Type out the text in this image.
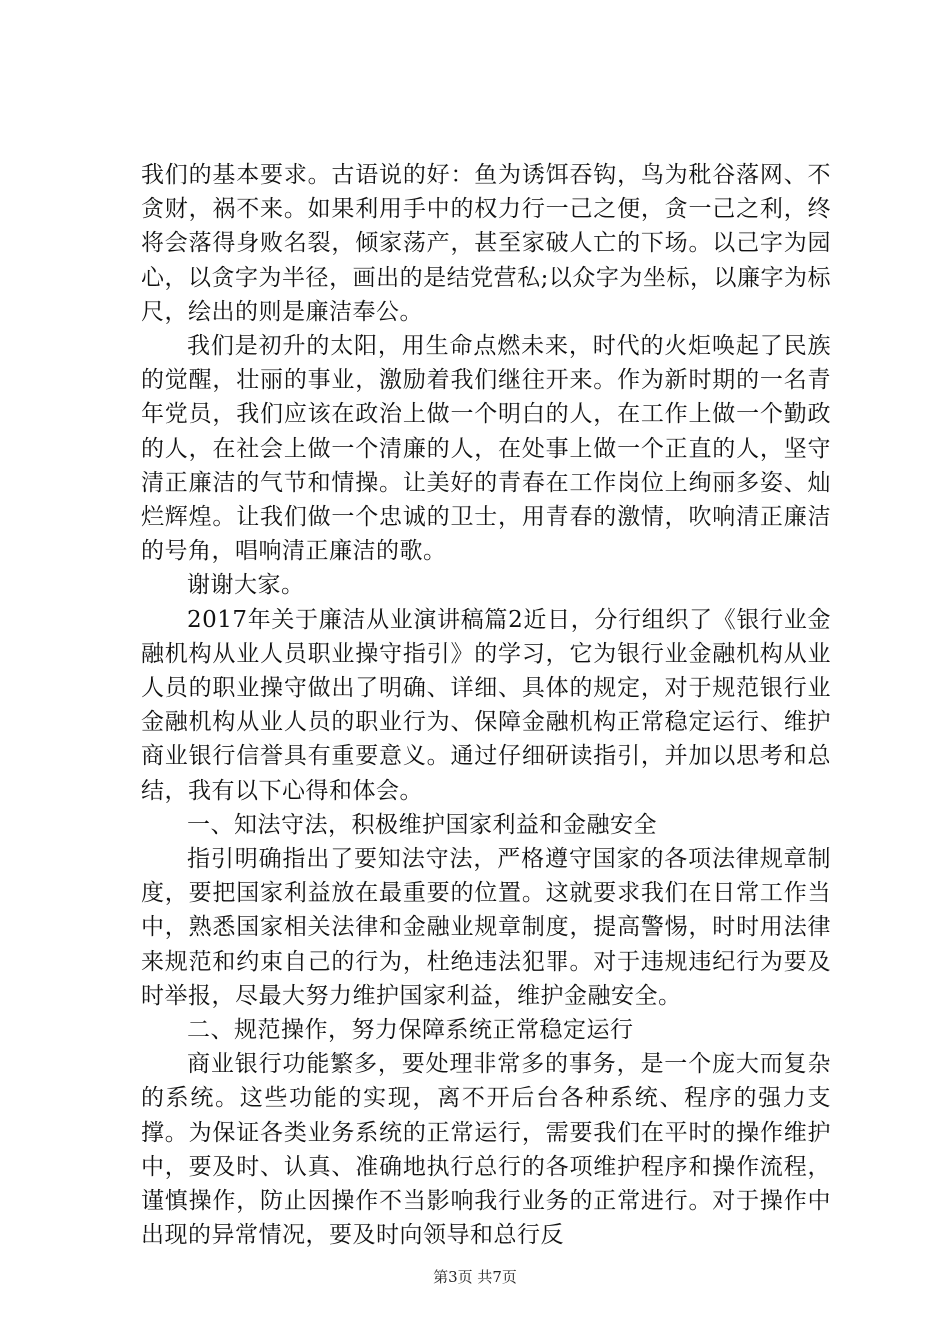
我们的基本要求。古语说的好：鱼为诱饵吞钩，鸟为秕谷落网、不贪财，祸不来。如果利用手中的权力行一己之便，贪一己之利，终将会落得身败名裂，倾家荡产，甚至家破人亡的下场。以己字为园心，以贪字为半径，画出的是结党营私;以众字为坐标，以廉字为标尺，绘出的则是廉洁奉公。

我们是初升的太阳，用生命点燃未来，时代的火炬唤起了民族的觉醒，壮丽的事业，激励着我们继往开来。作为新时期的一名青年党员，我们应该在政治上做一个明白的人，在工作上做一个勤政的人，在社会上做一个清廉的人，在处事上做一个正直的人，坚守清正廉洁的气节和情操。让美好的青春在工作岗位上绚丽多姿、灿烂辉煌。让我们做一个忠诚的卫士，用青春的激情，吹响清正廉洁的号角，唱响清正廉洁的歌。

谢谢大家。

2017年关于廉洁从业演讲稿篇2近日，分行组织了《银行业金融机构从业人员职业操守指引》的学习，它为银行业金融机构从业人员的职业操守做出了明确、详细、具体的规定，对于规范银行业金融机构从业人员的职业行为、保障金融机构正常稳定运行、维护商业银行信誉具有重要意义。通过仔细研读指引，并加以思考和总结，我有以下心得和体会。

一、知法守法，积极维护国家利益和金融安全

指引明确指出了要知法守法，严格遵守国家的各项法律规章制度，要把国家利益放在最重要的位置。这就要求我们在日常工作当中，熟悉国家相关法律和金融业规章制度，提高警惕，时时用法律来规范和约束自己的行为，杜绝违法犯罪。对于违规违纪行为要及时举报，尽最大努力维护国家利益，维护金融安全。

二、规范操作，努力保障系统正常稳定运行

商业银行功能繁多，要处理非常多的事务，是一个庞大而复杂的系统。这些功能的实现，离不开后台各种系统、程序的强力支撑。为保证各类业务系统的正常运行，需要我们在平时的操作维护中，要及时、认真、准确地执行总行的各项维护程序和操作流程，谨慎操作，防止因操作不当影响我行业务的正常进行。对于操作中出现的异常情况，要及时向领导和总行反

第3页 共7页
